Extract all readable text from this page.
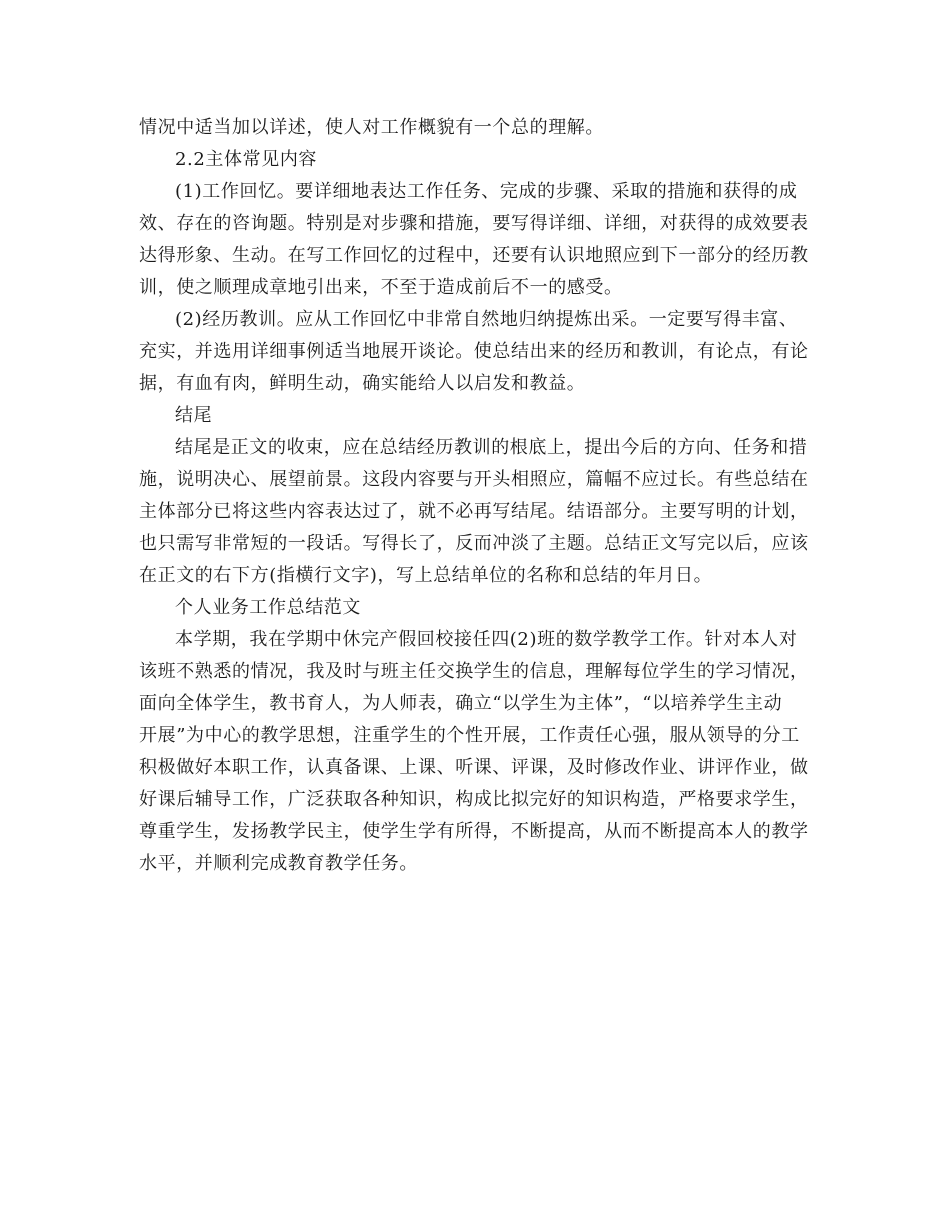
情况中适当加以详述，使人对工作概貌有一个总的理解。

2.2主体常见内容

(1)工作回忆。要详细地表达工作任务、完成的步骤、采取的措施和获得的成

效、存在的咨询题。特别是对步骤和措施，要写得详细、详细，对获得的成效要表

达得形象、生动。在写工作回忆的过程中，还要有认识地照应到下一部分的经历教

训，使之顺理成章地引出来，不至于造成前后不一的感受。

(2)经历教训。应从工作回忆中非常自然地归纳提炼出采。一定要写得丰富、

充实，并选用详细事例适当地展开谈论。使总结出来的经历和教训，有论点，有论

据，有血有肉，鲜明生动，确实能给人以启发和教益。

结尾

结尾是正文的收束，应在总结经历教训的根底上，提出今后的方向、任务和措

施，说明决心、展望前景。这段内容要与开头相照应，篇幅不应过长。有些总结在

主体部分已将这些内容表达过了，就不必再写结尾。结语部分。主要写明的计划，

也只需写非常短的一段话。写得长了，反而冲淡了主题。总结正文写完以后，应该

在正文的右下方(指横行文字)，写上总结单位的名称和总结的年月日。

个人业务工作总结范文

本学期，我在学期中休完产假回校接任四(2)班的数学教学工作。针对本人对

该班不熟悉的情况，我及时与班主任交换学生的信息，理解每位学生的学习情况，

面向全体学生，教书育人，为人师表，确立“以学生为主体”，“以培养学生主动

开展”为中心的教学思想，注重学生的个性开展，工作责任心强，服从领导的分工

积极做好本职工作，认真备课、上课、听课、评课，及时修改作业、讲评作业，做

好课后辅导工作，广泛获取各种知识，构成比拟完好的知识构造，严格要求学生，

尊重学生，发扬教学民主，使学生学有所得，不断提高，从而不断提高本人的教学

水平，并顺利完成教育教学任务。
